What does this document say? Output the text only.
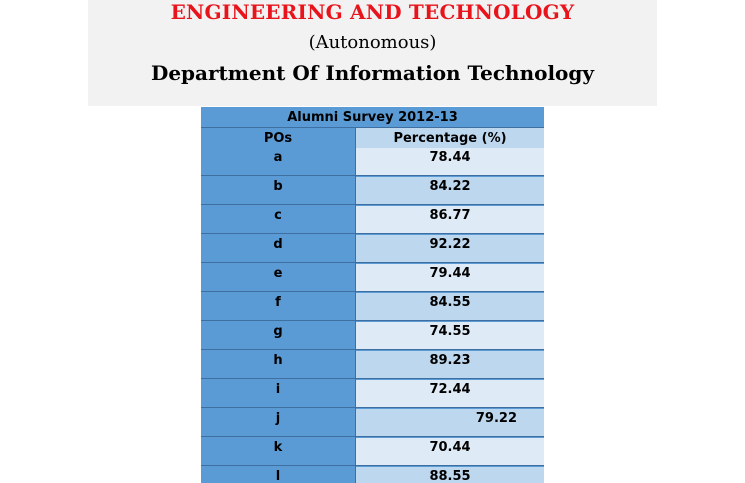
ENGINEERING AND TECHNOLOGY
(Autonomous)
Department Of Information Technology
Alumni Survey 2012-13
POs	Percentage (%)
a	78.44
b	84.22
c	86.77
d	92.22
e	79.44
f	84.55
g	74.55
h	89.23
i	72.44
j	79.22
k	70.44
l	88.55
